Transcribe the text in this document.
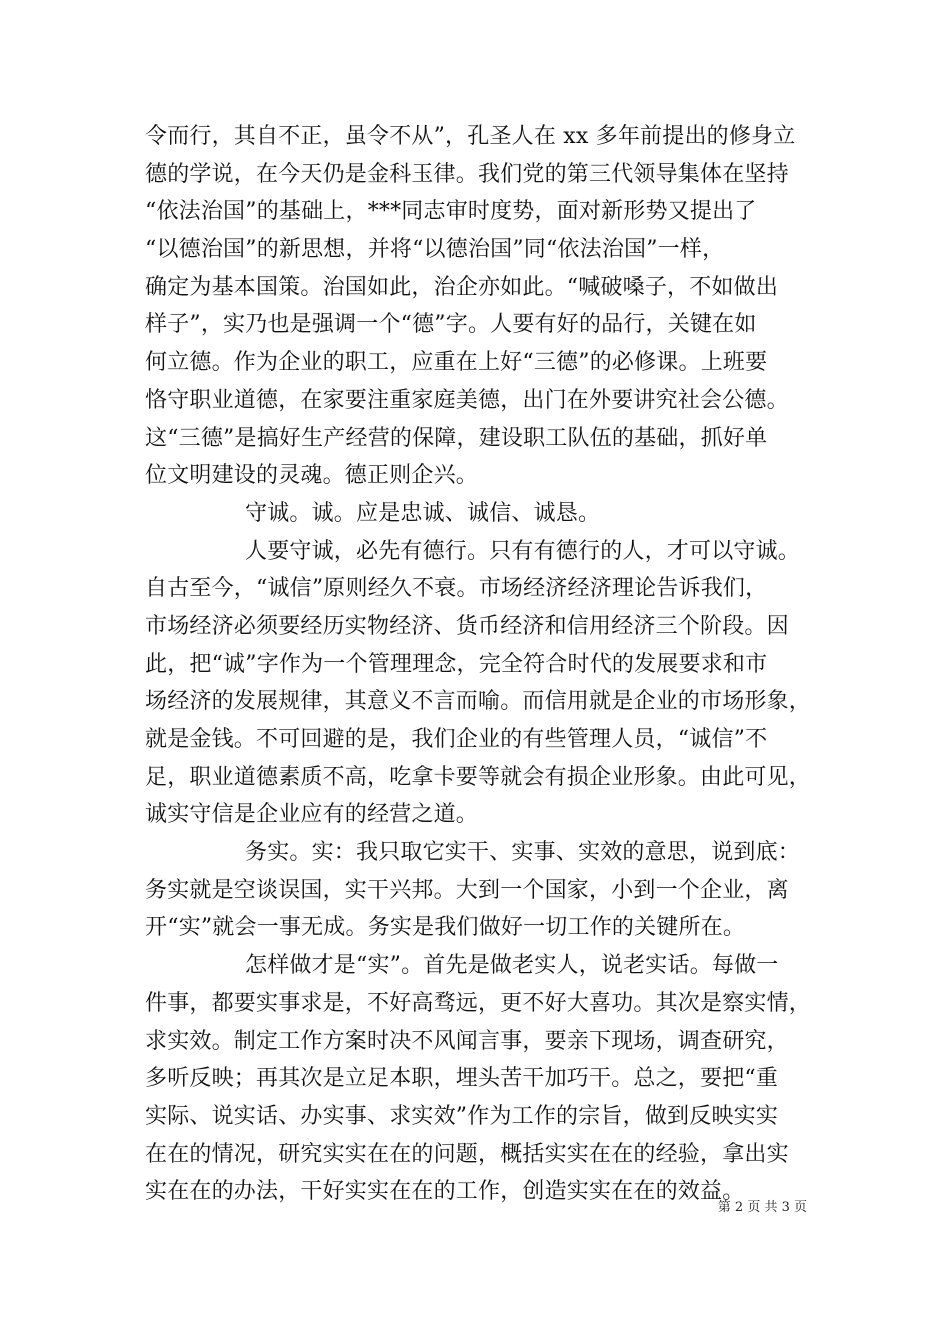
令而行，其自不正，虽令不从”，孔圣人在 xx 多年前提出的修身立
德的学说，在今天仍是金科玉律。我们党的第三代领导集体在坚持
“依法治国”的基础上，***同志审时度势，面对新形势又提出了
“以德治国”的新思想，并将“以德治国”同“依法治国”一样，
确定为基本国策。治国如此，治企亦如此。“喊破嗓子，不如做出
样子”，实乃也是强调一个“德”字。人要有好的品行，关键在如
何立德。作为企业的职工，应重在上好“三德”的必修课。上班要
恪守职业道德，在家要注重家庭美德，出门在外要讲究社会公德。
这“三德”是搞好生产经营的保障，建设职工队伍的基础，抓好单
位文明建设的灵魂。德正则企兴。
守诚。诚。应是忠诚、诚信、诚恳。
人要守诚，必先有德行。只有有德行的人，才可以守诚。
自古至今，“诚信”原则经久不衰。市场经济经济理论告诉我们，
市场经济必须要经历实物经济、货币经济和信用经济三个阶段。因
此，把“诚”字作为一个管理理念，完全符合时代的发展要求和市
场经济的发展规律，其意义不言而喻。而信用就是企业的市场形象，
就是金钱。不可回避的是，我们企业的有些管理人员，“诚信”不
足，职业道德素质不高，吃拿卡要等就会有损企业形象。由此可见，
诚实守信是企业应有的经营之道。
务实。实：我只取它实干、实事、实效的意思，说到底：
务实就是空谈误国，实干兴邦。大到一个国家，小到一个企业，离
开“实”就会一事无成。务实是我们做好一切工作的关键所在。
怎样做才是“实”。首先是做老实人，说老实话。每做一
件事，都要实事求是，不好高骛远，更不好大喜功。其次是察实情，
求实效。制定工作方案时决不风闻言事，要亲下现场，调查研究，
多听反映；再其次是立足本职，埋头苦干加巧干。总之，要把“重
实际、说实话、办实事、求实效”作为工作的宗旨，做到反映实实
在在的情况，研究实实在在的问题，概括实实在在的经验，拿出实
实在在的办法，干好实实在在的工作，创造实实在在的效益。
第 2 页 共 3 页
